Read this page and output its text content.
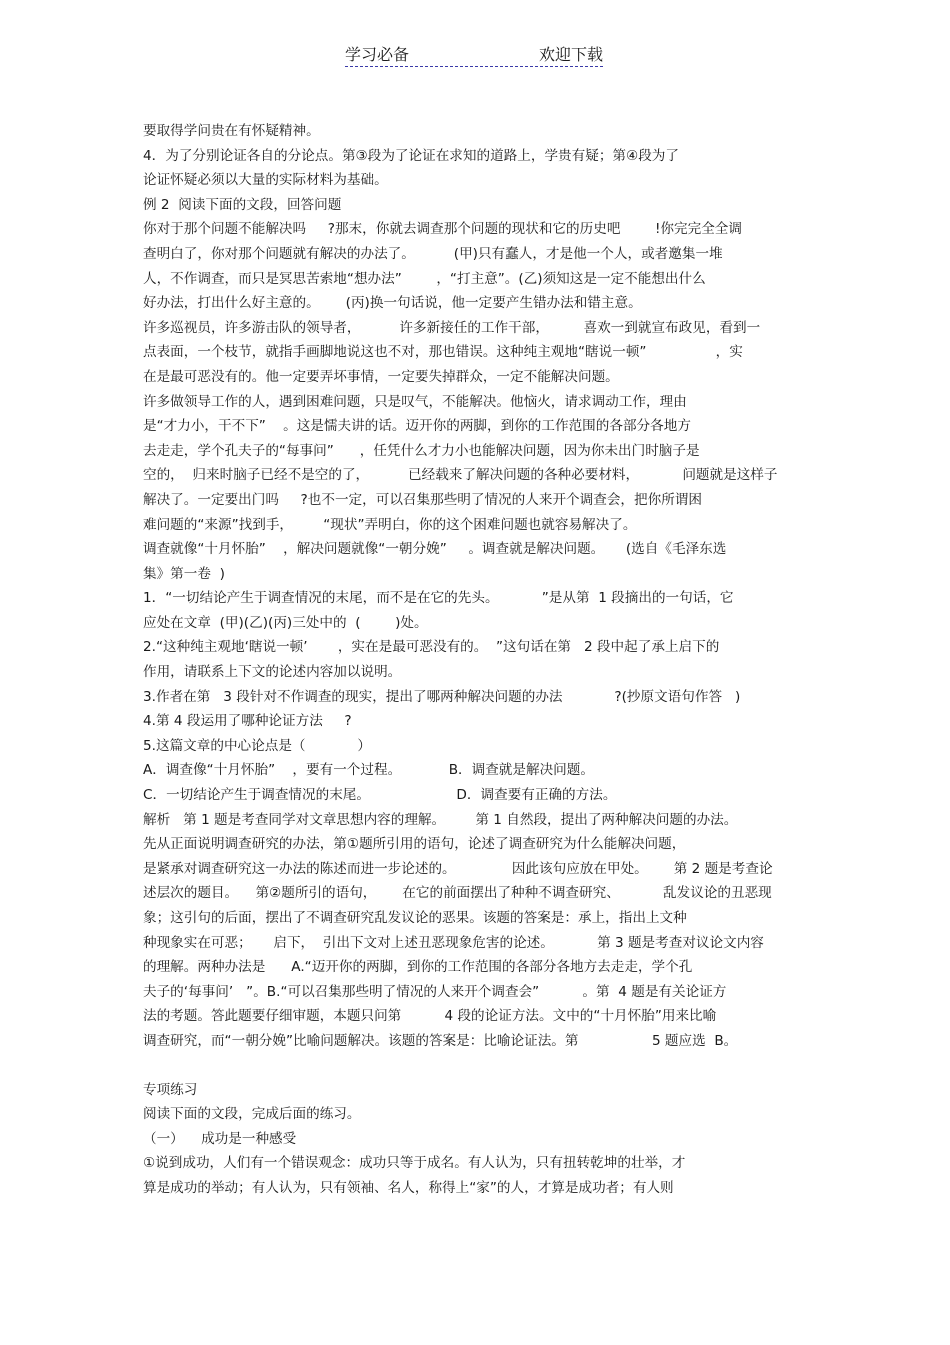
学习必备	欢迎下载
要取得学问贵在有怀疑精神。
4．为了分别论证各自的分论点。第③段为了论证在求知的道路上，学贵有疑；第④段为了
论证怀疑必须以大量的实际材料为基础。
例 2  阅读下面的文段，回答问题
你对于那个问题不能解决吗     ?那末，你就去调查那个问题的现状和它的历史吧        !你完完全全调
查明白了，你对那个问题就有解决的办法了。         (甲)只有蠢人，才是他一个人，或者邀集一堆
人，不作调查，而只是冥思苦索地“想办法”        ，“打主意”。(乙)须知这是一定不能想出什么
好办法，打出什么好主意的。      (丙)换一句话说，他一定要产生错办法和错主意。
许多巡视员，许多游击队的领导者，         许多新接任的工作干部，        喜欢一到就宣布政见，看到一
点表面，一个枝节，就指手画脚地说这也不对，那也错误。这种纯主观地“瞎说一顿”                ，实
在是最可恶没有的。他一定要弄坏事情，一定要失掉群众，一定不能解决问题。
许多做领导工作的人，遇到困难问题，只是叹气，不能解决。他恼火，请求调动工作，理由
是“才力小，干不下”    。这是懦夫讲的话。迈开你的两脚，到你的工作范围的各部分各地方
去走走，学个孔夫子的“每事问”      ，任凭什么才力小也能解决问题，因为你未出门时脑子是
空的，  归来时脑子已经不是空的了，         已经载来了解决问题的各种必要材料，          问题就是这样子
解决了。一定要出门吗     ?也不一定，可以召集那些明了情况的人来开个调查会，把你所谓困
难问题的“来源”找到手，       “现状”弄明白，你的这个困难问题也就容易解决了。
调查就像“十月怀胎”    ，解决问题就像“一朝分娩”     。调查就是解决问题。     (选自《毛泽东选
集》第一卷  )
1．“一切结论产生于调查情况的末尾，而不是在它的先头。          ”是从第  1 段摘出的一句话，它
应处在文章  (甲)(乙)(丙)三处中的  (        )处。
2.“这种纯主观地‘瞎说一顿’       ，实在是最可恶没有的。  ”这句话在第   2 段中起了承上启下的
作用，请联系上下文的论述内容加以说明。
3.作者在第   3 段针对不作调查的现实，提出了哪两种解决问题的办法            ?(抄原文语句作答   )
4.第 4 段运用了哪种论证方法     ?
5.这篇文章的中心论点是（            ）
A．调查像“十月怀胎”    ，要有一个过程。           B．调查就是解决问题。
C．一切结论产生于调查情况的末尾。                    D．调查要有正确的方法。
解析   第 1 题是考查同学对文章思想内容的理解。       第 1 自然段，提出了两种解决问题的办法。
先从正面说明调查研究的办法，第①题所引用的语句，论述了调查研究为什么能解决问题，
是紧承对调查研究这一办法的陈述而进一步论述的。             因此该句应放在甲处。      第 2 题是考查论
述层次的题目。    第②题所引的语句，      在它的前面摆出了种种不调查研究、          乱发议论的丑恶现
象；这引句的后面，摆出了不调查研究乱发议论的恶果。该题的答案是：承上，指出上文种
种现象实在可恶；     启下，  引出下文对上述丑恶现象危害的论述。          第 3 题是考查对议论文内容
的理解。两种办法是      A.“迈开你的两脚，到你的工作范围的各部分各地方去走走，学个孔
夫子的‘每事问’   ”。B.“可以召集那些明了情况的人来开个调查会”          。第  4 题是有关论证方
法的考题。答此题要仔细审题，本题只问第          4 段的论证方法。文中的“十月怀胎”用来比喻
调查研究，而“一朝分娩”比喻问题解决。该题的答案是：比喻论证法。第                 5 题应选  B。
专项练习
阅读下面的文段，完成后面的练习。
（一）    成功是一种感受
①说到成功，人们有一个错误观念：成功只等于成名。有人认为，只有扭转乾坤的壮举，才
算是成功的举动；有人认为，只有领袖、名人，称得上“家”的人，才算是成功者；有人则
